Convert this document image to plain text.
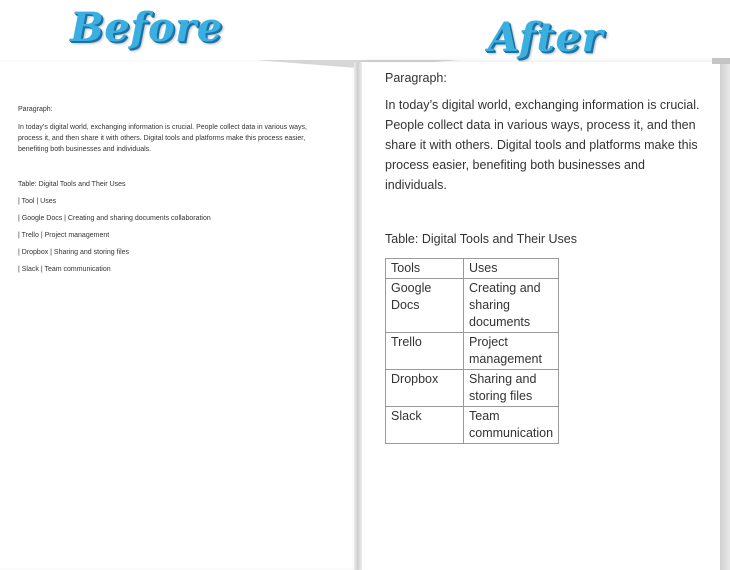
Before	After
Paragraph:
In today’s digital world, exchanging information is crucial. People collect data in various ways, process it, and then share it with others. Digital tools and platforms make this process easier, benefiting both businesses and individuals.
Table: Digital Tools and Their Uses
| Tool | Uses
| Google Docs | Creating and sharing documents collaboration
| Trello | Project management
| Dropbox | Sharing and storing files
| Slack | Team communication
Paragraph:
In today’s digital world, exchanging information is crucial. People collect data in various ways, process it, and then share it with others. Digital tools and platforms make this process easier, benefiting both businesses and individuals.
Table: Digital Tools and Their Uses
Tools	Uses
Google Docs	Creating and sharing documents
Trello	Project management
Dropbox	Sharing and storing files
Slack	Team communication
